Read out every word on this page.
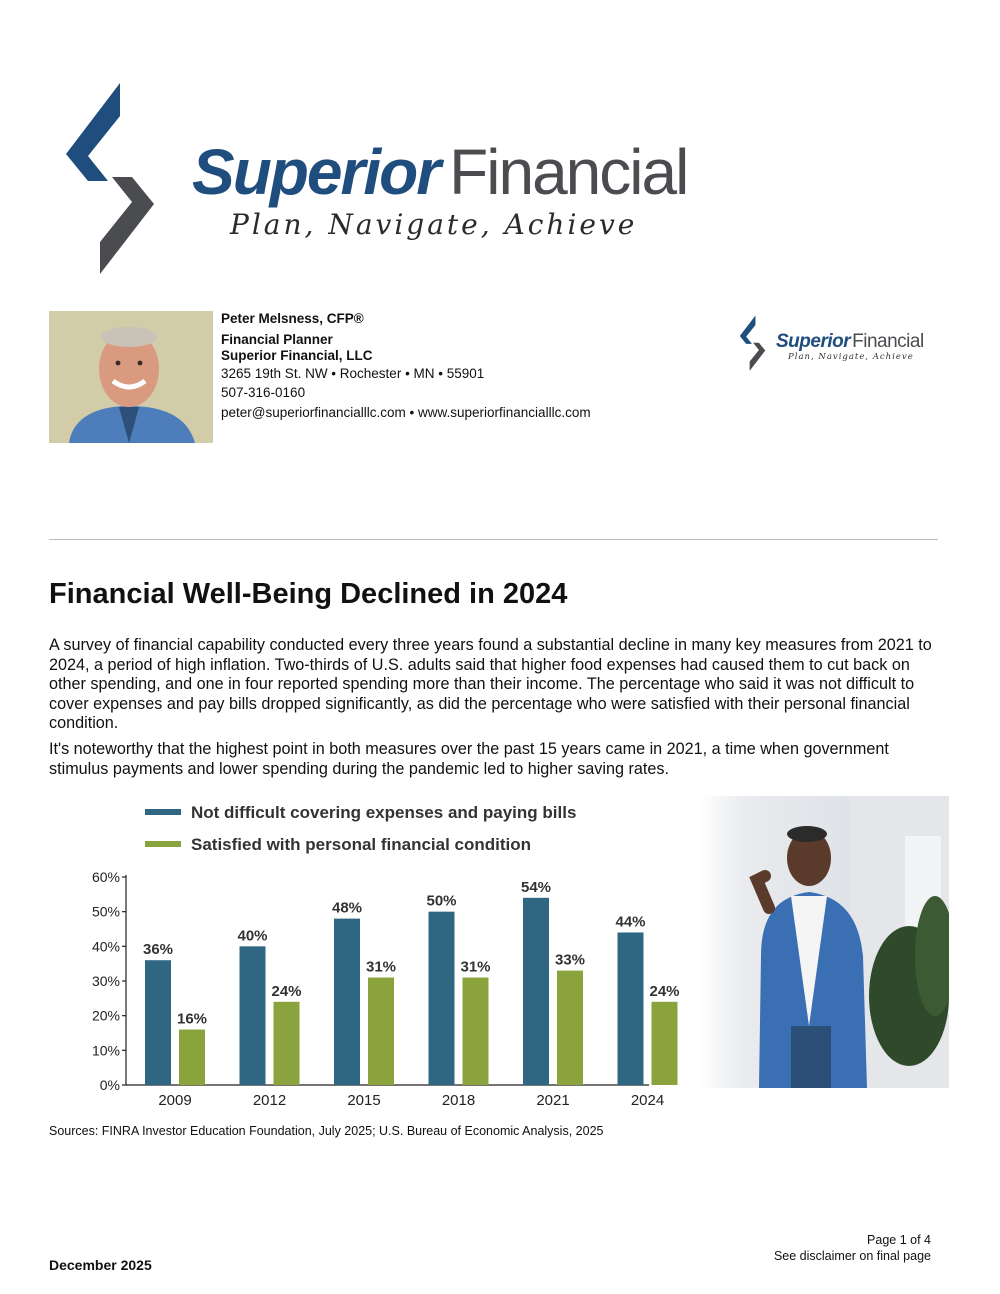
Superior Financial
Plan, Navigate, Achieve
Peter Melsness, CFP®
Financial Planner
Superior Financial, LLC
3265 19th St. NW • Rochester • MN • 55901
507-316-0160
peter@superiorfinancialllc.com • www.superiorfinancialllc.com
Superior Financial
Plan, Navigate, Achieve
Financial Well-Being Declined in 2024

A survey of financial capability conducted every three years found a substantial decline in many key measures from 2021 to 2024, a period of high inflation. Two-thirds of U.S. adults said that higher food expenses had caused them to cut back on other spending, and one in four reported spending more than their income. The percentage who said it was not difficult to cover expenses and pay bills dropped significantly, as did the percentage who were satisfied with their personal financial condition.

It's noteworthy that the highest point in both measures over the past 15 years came in 2021, a time when government stimulus payments and lower spending during the pandemic led to higher saving rates.

Not difficult covering expenses and paying bills
Satisfied with personal financial condition
0%
10%
20%
30%
40%
50%
60%
36%
16%
2009
40%
24%
2012
48%
31%
2015
50%
31%
2018
54%
33%
2021
44%
24%
2024
Sources: FINRA Investor Education Foundation, July 2025; U.S. Bureau of Economic Analysis, 2025
Page 1 of 4
See disclaimer on final page
December 2025
